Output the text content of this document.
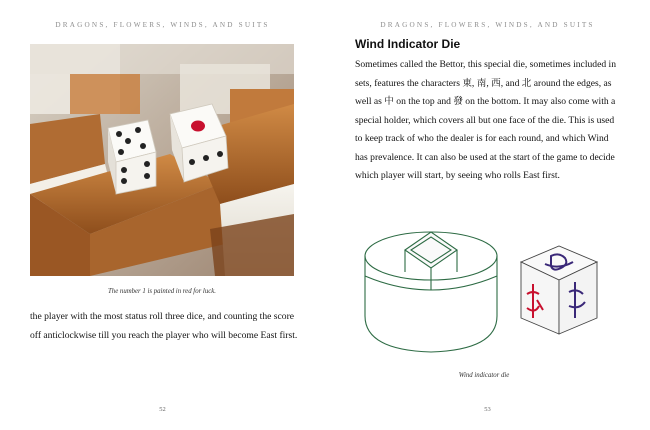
DRAGONS, FLOWERS, WINDS, AND SUITS
The number 1 is painted in red for luck.

the player with the most status roll three dice, and counting the score off anticlockwise till you reach the player who will become East first.

52
DRAGONS, FLOWERS, WINDS, AND SUITS
53
Wind Indicator Die

Sometimes called the Bettor, this special die, sometimes included in sets, features the characters 東, 南, 西, and 北 around the edges, as well as 中 on the top and 發 on the bottom. It may also come with a special holder, which covers all but one face of the die. This is used to keep track of who the dealer is for each round, and which Wind has prevalence. It can also be used at the start of the game to decide which player will start, by seeing who rolls East first.

Wind indicator die
